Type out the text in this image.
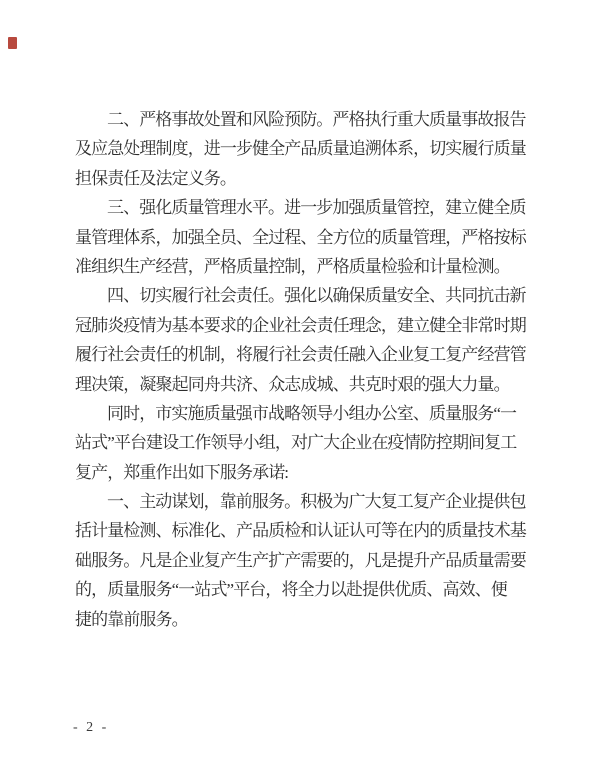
二、严格事故处置和风险预防。严格执行重大质量事故报告
及应急处理制度，进一步健全产品质量追溯体系，切实履行质量
担保责任及法定义务。
三、强化质量管理水平。进一步加强质量管控，建立健全质
量管理体系，加强全员、全过程、全方位的质量管理，严格按标
准组织生产经营，严格质量控制，严格质量检验和计量检测。
四、切实履行社会责任。强化以确保质量安全、共同抗击新
冠肺炎疫情为基本要求的企业社会责任理念，建立健全非常时期
履行社会责任的机制，将履行社会责任融入企业复工复产经营管
理决策，凝聚起同舟共济、众志成城、共克时艰的强大力量。
同时，市实施质量强市战略领导小组办公室、质量服务“一
站式”平台建设工作领导小组，对广大企业在疫情防控期间复工
复产，郑重作出如下服务承诺:
一、主动谋划，靠前服务。积极为广大复工复产企业提供包
括计量检测、标准化、产品质检和认证认可等在内的质量技术基
础服务。凡是企业复产生产扩产需要的，凡是提升产品质量需要
的，质量服务“一站式”平台，将全力以赴提供优质、高效、便
捷的靠前服务。
- 2 -
